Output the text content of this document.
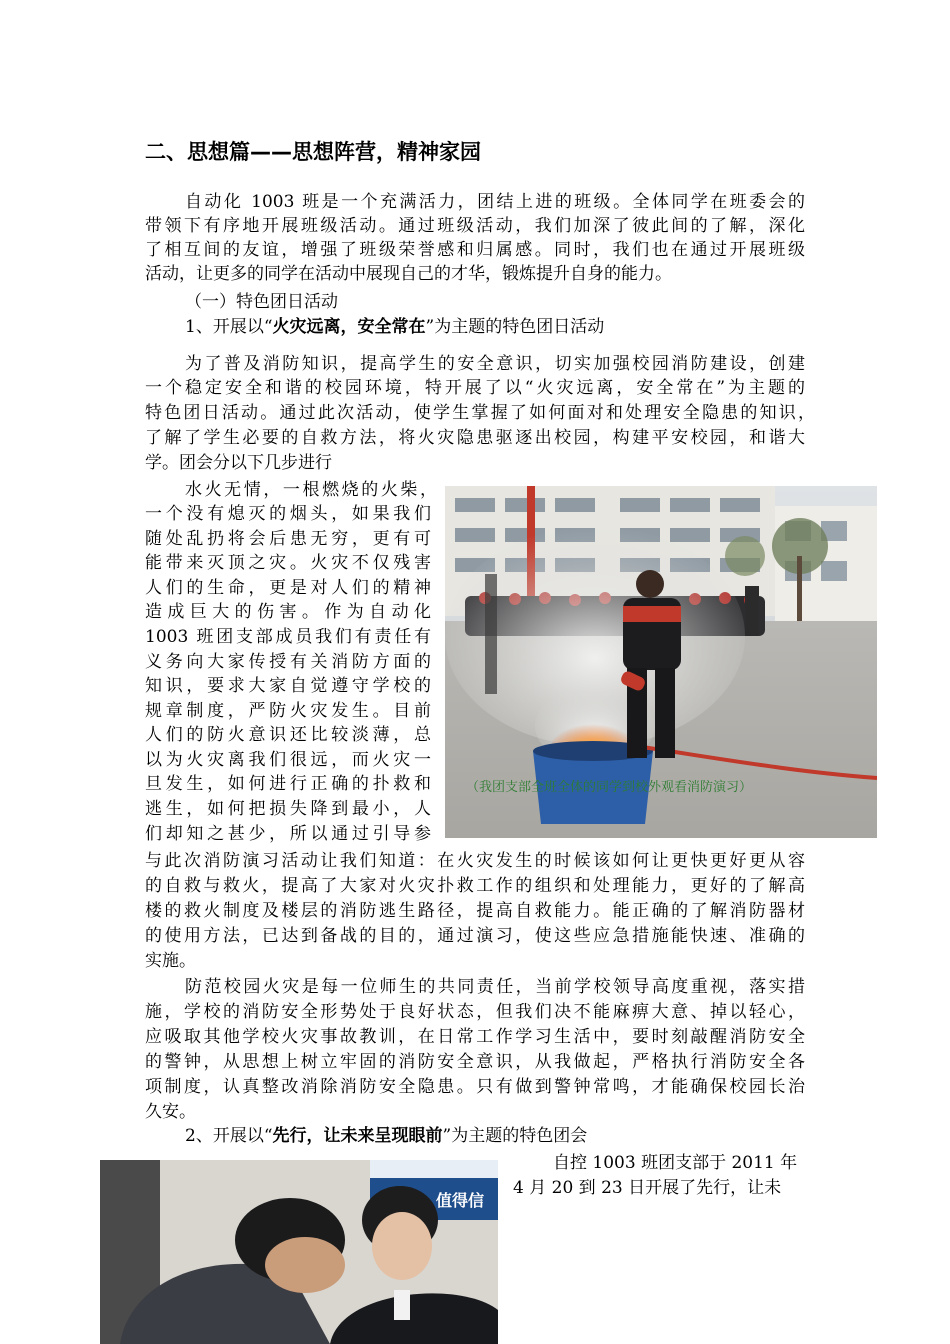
二、思想篇——思想阵营，精神家园
自动化 1003 班是一个充满活力，团结上进的班级。全体同学在班委会的
带领下有序地开展班级活动。通过班级活动，我们加深了彼此间的了解，深化
了相互间的友谊，增强了班级荣誉感和归属感。同时，我们也在通过开展班级
活动，让更多的同学在活动中展现自己的才华，锻炼提升自身的能力。
（一）特色团日活动
1、开展以“火灾远离，安全常在”为主题的特色团日活动
为了普及消防知识，提高学生的安全意识，切实加强校园消防建设，创建
一个稳定安全和谐的校园环境，特开展了以“火灾远离，安全常在”为主题的
特色团日活动。通过此次活动，使学生掌握了如何面对和处理安全隐患的知识，
了解了学生必要的自救方法，将火灾隐患驱逐出校园，构建平安校园，和谐大
学。团会分以下几步进行
水火无情，一根燃烧的火柴，
一个没有熄灭的烟头，如果我们
随处乱扔将会后患无穷，更有可
能带来灭顶之灾。火灾不仅残害
人们的生命，更是对人们的精神
造成巨大的伤害。作为自动化
1003 班团支部成员我们有责任有
义务向大家传授有关消防方面的
知识，要求大家自觉遵守学校的
规章制度，严防火灾发生。目前
人们的防火意识还比较淡薄，总
以为火灾离我们很远，而火灾一
旦发生，如何进行正确的扑救和
逃生，如何把损失降到最小，人
们却知之甚少，所以通过引导参
与此次消防演习活动让我们知道：在火灾发生的时候该如何让更快更好更从容
的自救与救火，提高了大家对火灾扑救工作的组织和处理能力，更好的了解高
楼的救火制度及楼层的消防逃生路径，提高自救能力。能正确的了解消防器材
的使用方法，已达到备战的目的，通过演习，使这些应急措施能快速、准确的
实施。
（我团支部全班全体的同学到校外观看消防演习）
防范校园火灾是每一位师生的共同责任，当前学校领导高度重视，落实措
施，学校的消防安全形势处于良好状态，但我们决不能麻痹大意、掉以轻心，
应吸取其他学校火灾事故教训，在日常工作学习生活中，要时刻敲醒消防安全
的警钟，从思想上树立牢固的消防安全意识，从我做起，严格执行消防安全各
项制度，认真整改消除消防安全隐患。只有做到警钟常鸣，才能确保校园长治
久安。
2、开展以“先行，让未来呈现眼前”为主题的特色团会
自控 1003 班团支部于 2011 年
4 月 20 到 23 日开展了先行，让未
值得信
